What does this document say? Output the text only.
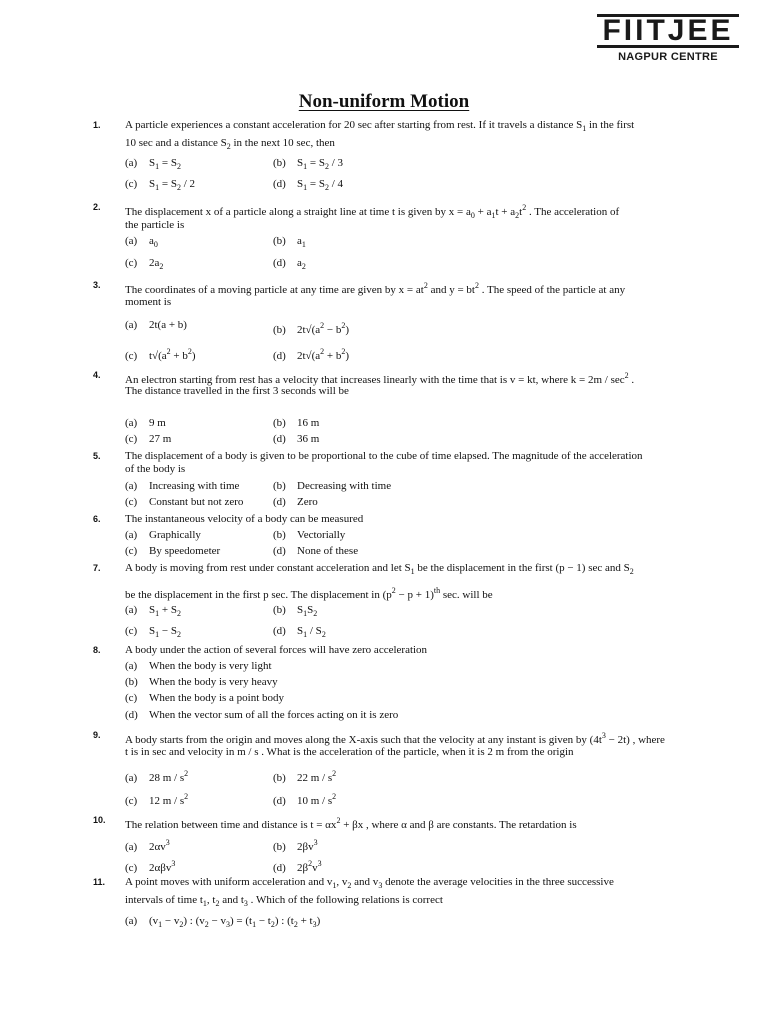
FIITJEE
NAGPUR CENTRE
Non-uniform Motion
1. A particle experiences a constant acceleration for 20 sec after starting from rest. If it travels a distance $S_1$ in the first
10 sec and a distance $S_2$ in the next 10 sec, then
(a) $S_1 = S_2$	(b) $S_1 = S_2 / 3$
(c) $S_1 = S_2 / 2$	(d) $S_1 = S_2 / 4$
2. The displacement x of a particle along a straight line at time t is given by $x = a_0 + a_1t + a_2t^2$ . The acceleration of
the particle is
(a) $a_0$	(b) $a_1$
(c) $2a_2$	(d) $a_2$
3. The coordinates of a moving particle at any time are given by $x = at^2$ and $y = bt^2$ . The speed of the particle at any
moment is
(a) 2t(a + b)	(b) $2t√(a^2 - b^2)$
(c) $t√(a^2 + b^2)$	(d) $2t√(a^2 + b^2)$
4. An electron starting from rest has a velocity that increases linearly with the time that is v = kt, where $k = 2m / \sec^2$ .
The distance travelled in the first 3 seconds will be
(a) 9 m	(b) 16 m
(c) 27 m	(d) 36 m
5. The displacement of a body is given to be proportional to the cube of time elapsed. The magnitude of the acceleration
of the body is
(a) Increasing with time	(b) Decreasing with time
(c) Constant but not zero	(d) Zero
6. The instantaneous velocity of a body can be measured
(a) Graphically	(b) Vectorially
(c) By speedometer	(d) None of these
7. A body is moving from rest under constant acceleration and let $S_1$ be the displacement in the first (p − 1) sec and $S_2$
be the displacement in the first p sec. The displacement in $(p^2 - p + 1)^{th}$ sec. will be
(a) $S_1 + S_2$	(b) $S_1S_2$
(c) $S_1 - S_2$	(d) $S_1 / S_2$
8. A body under the action of several forces will have zero acceleration
(a) When the body is very light
(b) When the body is very heavy
(c) When the body is a point body
(d) When the vector sum of all the forces acting on it is zero
9. A body starts from the origin and moves along the X-axis such that the velocity at any instant is given by $(4t^3 - 2t)$ , where
t is in sec and velocity in m / s . What is the acceleration of the particle, when it is 2 m from the origin
(a) 28 m / $s^2$	(b) 22 m / $s^2$
(c) 12 m / $s^2$	(d) 10 m / $s^2$
10. The relation between time and distance is $t = \alpha x^2 + \beta x$ , where α and β are constants. The retardation is
(a) $2\alpha v^3$	(b) $2\beta v^3$
(c) 2αβv$^3$	(d) $2\beta^2v^3$
11. A point moves with uniform acceleration and $v_1$, $v_2$ and $v_3$ denote the average velocities in the three successive
intervals of time $t_1$, $t_2$ and $t_3$ . Which of the following relations is correct
(a) $(v_1 - v_2)$ : $(v_2 - v_3) = (t_1 - t_2)$ : $(t_2 + t_3)$
